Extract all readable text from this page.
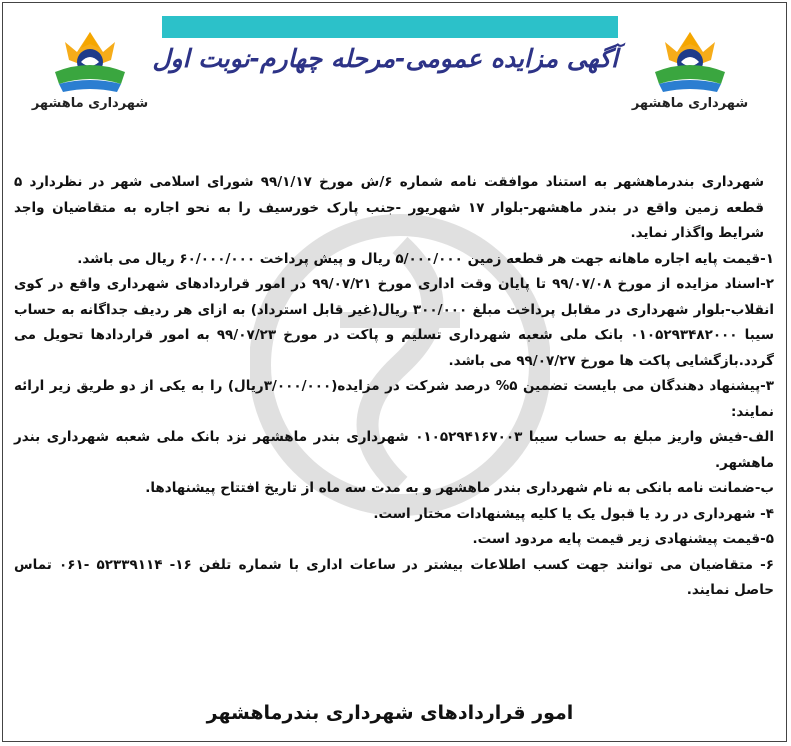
شهرداری ماهشهر	شهرداری ماهشهر
آگهی مزایده عمومی-مرحله چهارم-نوبت اول

شهرداری بندرماهشهر به استناد موافقت نامه شماره ۶/ش مورخ ۹۹/۱/۱۷ شورای اسلامی شهر در نظردارد ۵ قطعه زمین واقع در بندر ماهشهر-بلوار ۱۷ شهریور -جنب پارک خورسیف را به نحو اجاره به متقاضیان واجد شرایط واگذار نماید.

۱-قیمت پایه اجاره ماهانه جهت هر قطعه زمین ۵/۰۰۰/۰۰۰ ریال و پیش پرداخت ۶۰/۰۰۰/۰۰۰ ریال می باشد.

۲-اسناد مزایده از مورخ ۹۹/۰۷/۰۸ تا پایان وقت اداری مورخ ۹۹/۰۷/۲۱ در امور قراردادهای شهرداری واقع در کوی انقلاب-بلوار شهرداری در مقابل پرداخت مبلغ ۳۰۰/۰۰۰ ریال(غیر قابل استرداد) به ازای هر ردیف جداگانه به حساب سیبا ۰۱۰۵۲۹۳۴۸۲۰۰۰ بانک ملی شعبه شهرداری تسلیم و پاکت در مورخ ۹۹/۰۷/۲۳ به امور قراردادها تحویل می گردد.بازگشایی پاکت ها مورخ ۹۹/۰۷/۲۷ می باشد.

۳-پیشنهاد دهندگان می بایست تضمین ۵% درصد شرکت در مزایده(۳/۰۰۰/۰۰۰ریال) را به یکی از دو طریق زیر ارائه نمایند:

الف-فیش واریز مبلغ به حساب سیبا ۰۱۰۵۲۹۴۱۶۷۰۰۳ شهرداری بندر ماهشهر نزد بانک ملی شعبه شهرداری بندر ماهشهر.

ب-ضمانت نامه بانکی به نام شهرداری بندر ماهشهر و به مدت سه ماه از تاریخ افتتاح پیشنهادها.

۴- شهرداری در رد یا قبول یک یا کلیه پیشنهادات مختار است.

۵-قیمت پیشنهادی زیر قیمت پایه مردود است.

۶- متقاضیان می توانند جهت کسب اطلاعات بیشتر در ساعات اداری با شماره تلفن ۱۶- ۵۲۳۳۹۱۱۴ -۰۶۱ تماس حاصل نمایند.

امور قراردادهای شهرداری بندرماهشهر
